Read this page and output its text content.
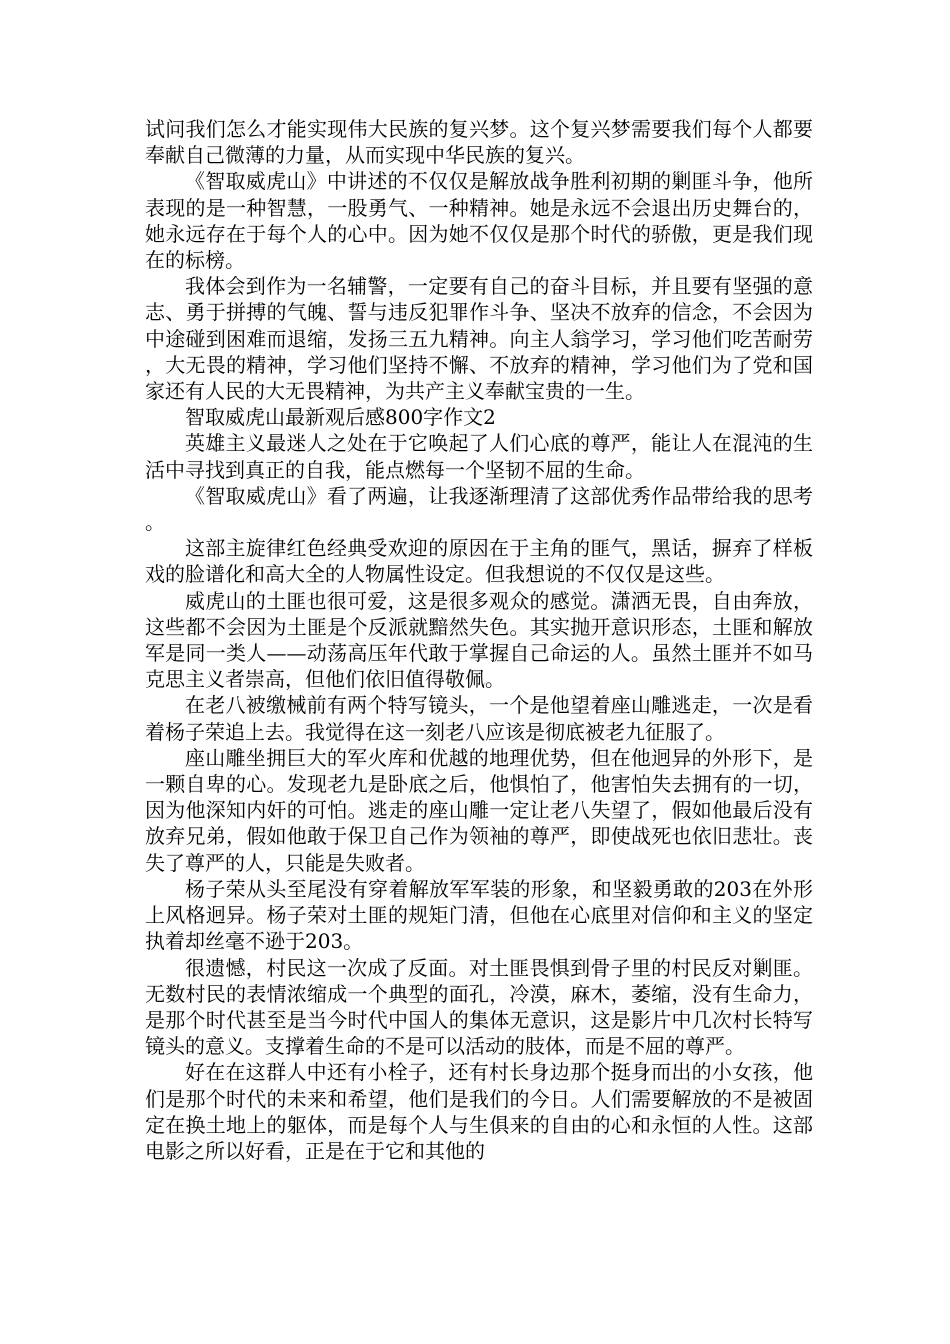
试问我们怎么才能实现伟大民族的复兴梦。这个复兴梦需要我们每个人都要奉献自己微薄的力量，从而实现中华民族的复兴。

《智取威虎山》中讲述的不仅仅是解放战争胜利初期的剿匪斗争，他所表现的是一种智慧，一股勇气、一种精神。她是永远不会退出历史舞台的，她永远存在于每个人的心中。因为她不仅仅是那个时代的骄傲，更是我们现在的标榜。

我体会到作为一名辅警，一定要有自己的奋斗目标，并且要有坚强的意志、勇于拼搏的气魄、誓与违反犯罪作斗争、坚决不放弃的信念，不会因为中途碰到困难而退缩，发扬三五九精神。向主人翁学习，学习他们吃苦耐劳，大无畏的精神，学习他们坚持不懈、不放弃的精神，学习他们为了党和国家还有人民的大无畏精神，为共产主义奉献宝贵的一生。

智取威虎山最新观后感800字作文2

英雄主义最迷人之处在于它唤起了人们心底的尊严，能让人在混沌的生活中寻找到真正的自我，能点燃每一个坚韧不屈的生命。

《智取威虎山》看了两遍，让我逐渐理清了这部优秀作品带给我的思考。

这部主旋律红色经典受欢迎的原因在于主角的匪气，黑话，摒弃了样板戏的脸谱化和高大全的人物属性设定。但我想说的不仅仅是这些。

威虎山的土匪也很可爱，这是很多观众的感觉。潇洒无畏，自由奔放，这些都不会因为土匪是个反派就黯然失色。其实抛开意识形态，土匪和解放军是同一类人——动荡高压年代敢于掌握自己命运的人。虽然土匪并不如马克思主义者崇高，但他们依旧值得敬佩。

在老八被缴械前有两个特写镜头，一个是他望着座山雕逃走，一次是看着杨子荣追上去。我觉得在这一刻老八应该是彻底被老九征服了。

座山雕坐拥巨大的军火库和优越的地理优势，但在他迥异的外形下，是一颗自卑的心。发现老九是卧底之后，他惧怕了，他害怕失去拥有的一切，因为他深知内奸的可怕。逃走的座山雕一定让老八失望了，假如他最后没有放弃兄弟，假如他敢于保卫自己作为领袖的尊严，即使战死也依旧悲壮。丧失了尊严的人，只能是失败者。

杨子荣从头至尾没有穿着解放军军装的形象，和坚毅勇敢的203在外形上风格迥异。杨子荣对土匪的规矩门清，但他在心底里对信仰和主义的坚定执着却丝毫不逊于203。

很遗憾，村民这一次成了反面。对土匪畏惧到骨子里的村民反对剿匪。无数村民的表情浓缩成一个典型的面孔，冷漠，麻木，萎缩，没有生命力，是那个时代甚至是当今时代中国人的集体无意识，这是影片中几次村长特写镜头的意义。支撑着生命的不是可以活动的肢体，而是不屈的尊严。

好在在这群人中还有小栓子，还有村长身边那个挺身而出的小女孩，他们是那个时代的未来和希望，他们是我们的今日。人们需要解放的不是被固定在换土地上的躯体，而是每个人与生俱来的自由的心和永恒的人性。这部电影之所以好看，正是在于它和其他的
